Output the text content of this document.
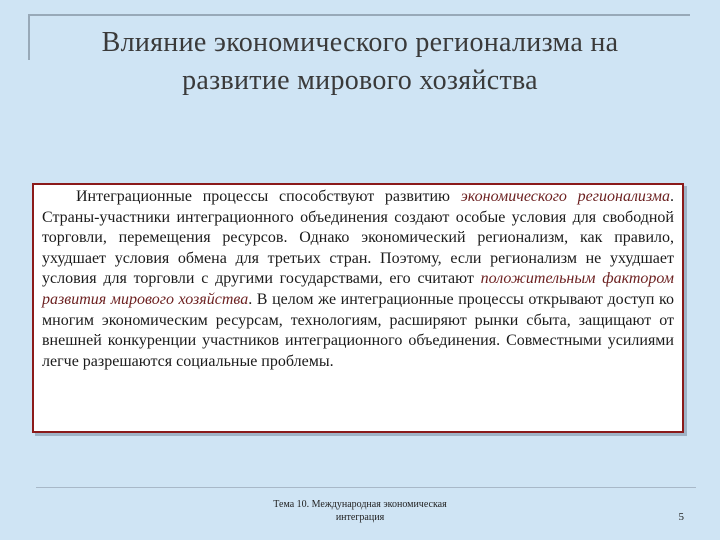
Влияние экономического регионализма на
развитие мирового хозяйства

Интеграционные процессы способствуют развитию экономического регионализма. Страны-участники интеграционного объединения создают особые условия для свободной торговли, перемещения ресурсов. Однако экономический регионализм, как правило, ухудшает условия обмена для третьих стран. Поэтому, если регионализм не ухудшает условия для торговли с другими государствами, его считают положительным фактором развития мирового хозяйства. В целом же интеграционные процессы открывают доступ ко многим экономическим ресурсам, технологиям, расширяют рынки сбыта, защищают от внешней конкуренции участников интеграционного объединения. Совместными усилиями легче разрешаются социальные проблемы.

Тема 10. Международная экономическая
интеграция	5
